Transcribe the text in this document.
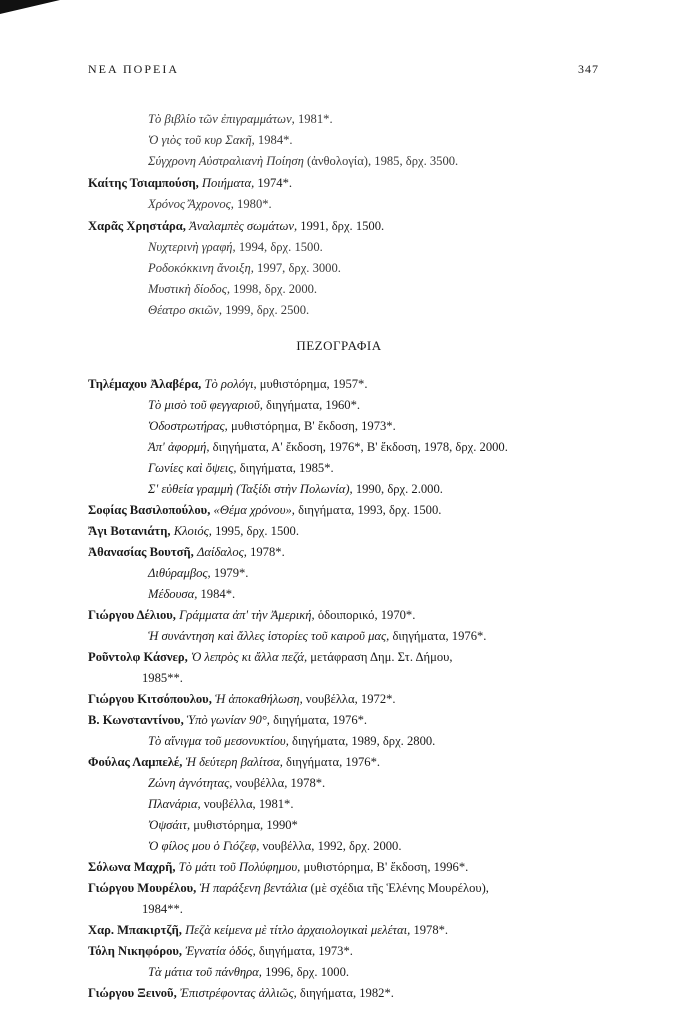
ΝΕΑ ΠΟΡΕΙΑ	347
ΠΕΖΟΓΡΑΦΙΑ
Τὸ βιβλίο τῶν ἐπιγραμμάτων, 1981*.
Ὁ γιὸς τοῦ κυρ Σακῆ, 1984*.
Σύγχρονη Αὐστραλιανὴ Ποίηση (ἀνθολογία), 1985, δρχ. 3500.
Καίτης Τσιαμπούση, Ποιήματα, 1974*.
Χρόνος Ἄχρονος, 1980*.
Χαρᾶς Χρηστάρα, Ἀναλαμπὲς σωμάτων, 1991, δρχ. 1500.
Νυχτερινὴ γραφή, 1994, δρχ. 1500.
Ροδοκόκκινη ἄνοιξη, 1997, δρχ. 3000.
Μυστικὴ δίοδος, 1998, δρχ. 2000.
Θέατρο σκιῶν, 1999, δρχ. 2500.
Τηλέμαχου Ἀλαβέρα, Τὸ ρολόγι, μυθιστόρημα, 1957*.
Τὸ μισὸ τοῦ φεγγαριοῦ, διηγήματα, 1960*.
Ὁδοστρωτήρας, μυθιστόρημα, Β' ἔκδοση, 1973*.
Ἀπ' ἀφορμή, διηγήματα, Α' ἔκδοση, 1976*, Β' ἔκδοση, 1978, δρχ. 2000.
Γωνίες καὶ ὄψεις, διηγήματα, 1985*.
Σ' εὐθεία γραμμὴ (Ταξίδι στὴν Πολωνία), 1990, δρχ. 2.000.
Σοφίας Βασιλοπούλου, «Θέμα χρόνου», διηγήματα, 1993, δρχ. 1500.
Ἄγι Βοτανιάτη, Κλοιός, 1995, δρχ. 1500.
Ἀθανασίας Βουτσῆ, Δαίδαλος, 1978*.
Διθύραμβος, 1979*.
Μέδουσα, 1984*.
Γιώργου Δέλιου, Γράμματα ἀπ' τὴν Ἀμερική, ὁδοιπορικό, 1970*.
Ἡ συνάντηση καὶ ἄλλες ἱστορίες τοῦ καιροῦ μας, διηγήματα, 1976*.
Ροῦντολφ Κάσνερ, Ὁ λεπρὸς κι ἄλλα πεζά, μετάφραση Δημ. Στ. Δήμου,
1985**.
Γιώργου Κιτσόπουλου, Ἡ ἀποκαθήλωση, νουβέλλα, 1972*.
Β. Κωνσταντίνου, Ὑπὸ γωνίαν 90°, διηγήματα, 1976*.
Τὸ αἴνιγμα τοῦ μεσονυκτίου, διηγήματα, 1989, δρχ. 2800.
Φούλας Λαμπελέ, Ἡ δεύτερη βαλίτσα, διηγήματα, 1976*.
Ζώνη ἀγνότητας, νουβέλλα, 1978*.
Πλανάρια, νουβέλλα, 1981*.
Ὀψσάιτ, μυθιστόρημα, 1990*
Ὁ φίλος μου ὁ Γιόζεφ, νουβέλλα, 1992, δρχ. 2000.
Σόλωνα Μαχρῆ, Τὸ μάτι τοῦ Πολύφημου, μυθιστόρημα, Β' ἔκδοση, 1996*.
Γιώργου Μουρέλου, Ἡ παράξενη βεντάλια (μὲ σχέδια τῆς Ἑλένης Μουρέλου),
1984**.
Χαρ. Μπακιρτζῆ, Πεζὰ κείμενα μὲ τίτλο ἀρχαιολογικαὶ μελέται, 1978*.
Τόλη Νικηφόρου, Ἐγνατία ὁδός, διηγήματα, 1973*.
Τὰ μάτια τοῦ πάνθηρα, 1996, δρχ. 1000.
Γιώργου Ξεινοῦ, Ἐπιστρέφοντας ἀλλιῶς, διηγήματα, 1982*.
